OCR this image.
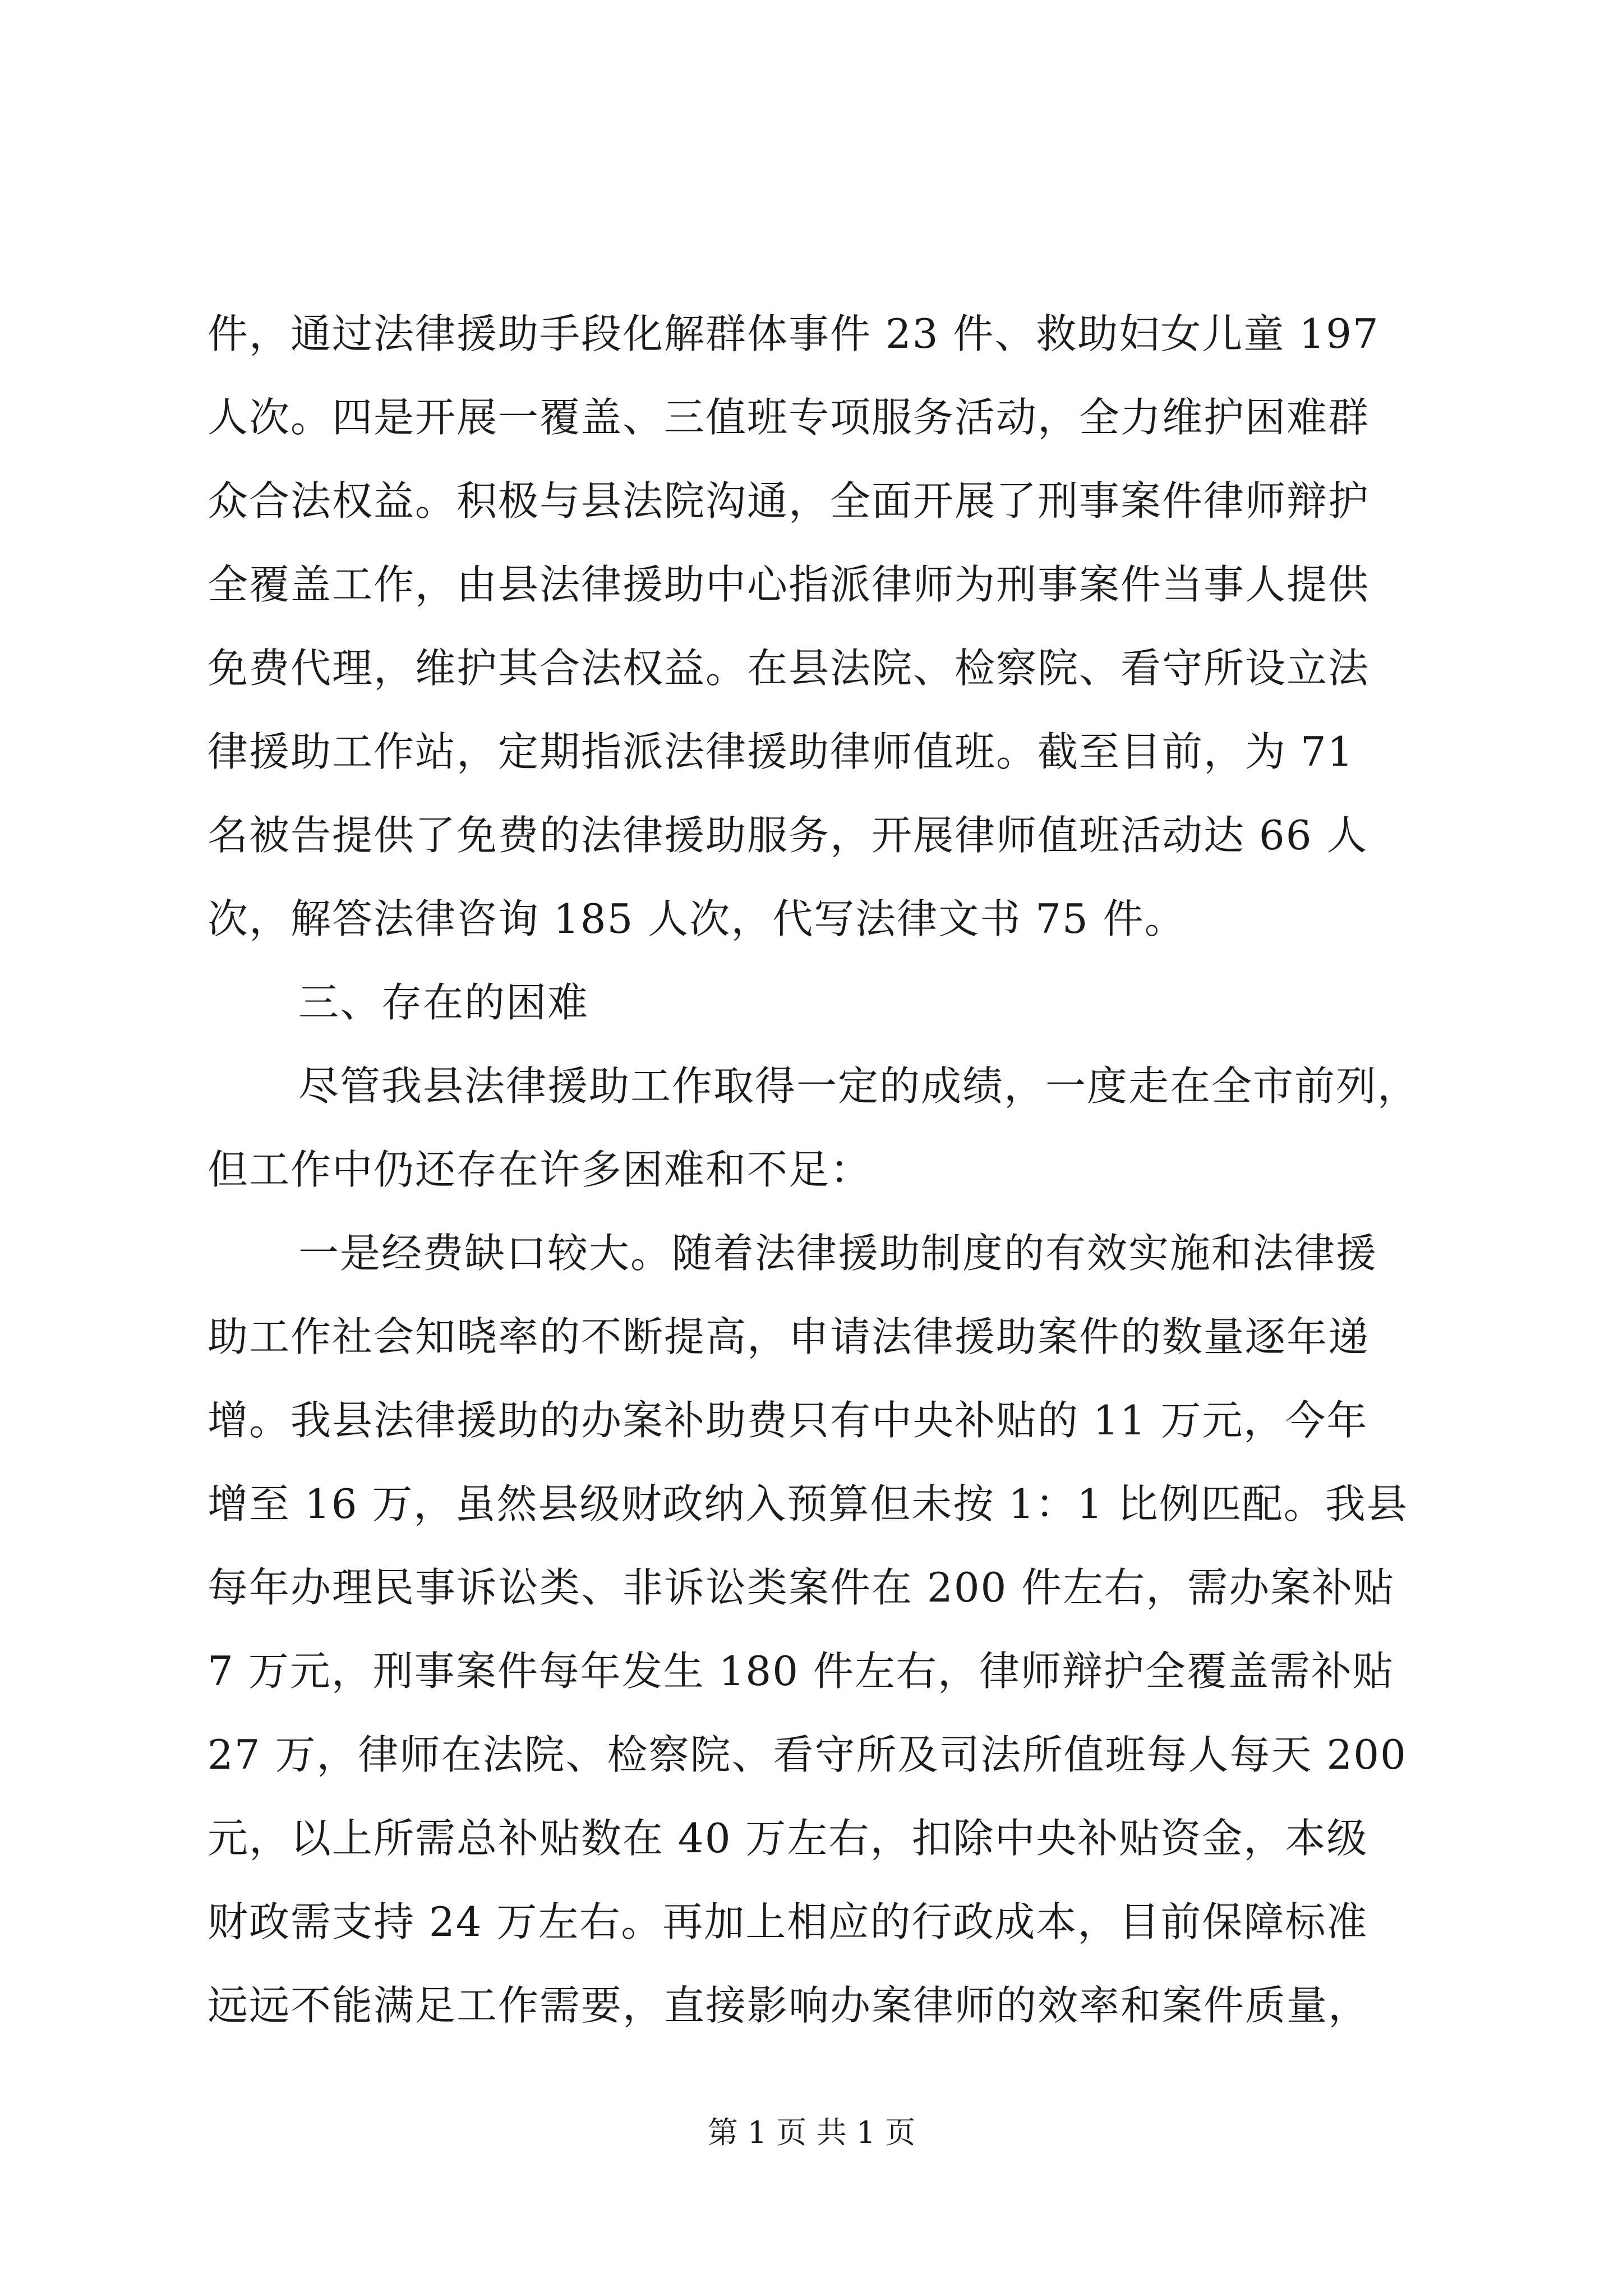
件，通过法律援助手段化解群体事件 23 件、救助妇女儿童 197
人次。四是开展一覆盖、三值班专项服务活动，全力维护困难群
众合法权益。积极与县法院沟通，全面开展了刑事案件律师辩护
全覆盖工作，由县法律援助中心指派律师为刑事案件当事人提供
免费代理，维护其合法权益。在县法院、检察院、看守所设立法
律援助工作站，定期指派法律援助律师值班。截至目前，为 71
名被告提供了免费的法律援助服务，开展律师值班活动达 66 人
次，解答法律咨询 185 人次，代写法律文书 75 件。
三、存在的困难
尽管我县法律援助工作取得一定的成绩，一度走在全市前列，
但工作中仍还存在许多困难和不足：
一是经费缺口较大。随着法律援助制度的有效实施和法律援
助工作社会知晓率的不断提高，申请法律援助案件的数量逐年递
增。我县法律援助的办案补助费只有中央补贴的 11 万元，今年
增至 16 万，虽然县级财政纳入预算但未按 1：1 比例匹配。我县
每年办理民事诉讼类、非诉讼类案件在 200 件左右，需办案补贴
7 万元，刑事案件每年发生 180 件左右，律师辩护全覆盖需补贴
27 万，律师在法院、检察院、看守所及司法所值班每人每天 200
元，以上所需总补贴数在 40 万左右，扣除中央补贴资金，本级
财政需支持 24 万左右。再加上相应的行政成本，目前保障标准
远远不能满足工作需要，直接影响办案律师的效率和案件质量，
第 1 页 共 1 页
